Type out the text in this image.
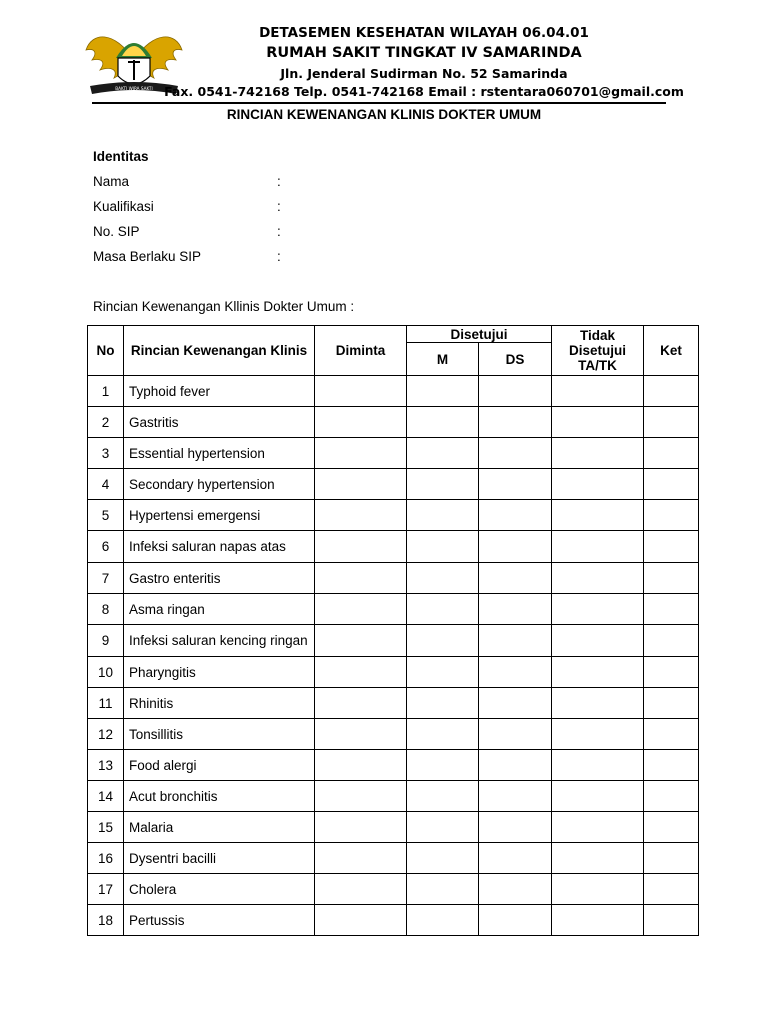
BAKTI WIRA SAKTI
DETASEMEN KESEHATAN WILAYAH 06.04.01
RUMAH SAKIT TINGKAT IV SAMARINDA
Jln. Jenderal Sudirman No. 52 Samarinda
Fax. 0541-742168 Telp. 0541-742168 Email : rstentara060701@gmail.com
RINCIAN KEWENANGAN KLINIS DOKTER UMUM
Identitas
Nama	:
Kualifikasi	:
No. SIP	:
Masa Berlaku SIP	:
Rincian Kewenangan Kllinis Dokter Umum :
No	Rincian Kewenangan Klinis	Diminta	Disetujui		Tidak Disetujui TA/TK	Ket
			M	DS		
1	Typhoid fever					
2	Gastritis					
3	Essential hypertension					
4	Secondary hypertension					
5	Hypertensi emergensi					
6	Infeksi saluran napas atas					
7	Gastro enteritis					
8	Asma ringan					
9	Infeksi saluran kencing ringan					
10	Pharyngitis					
11	Rhinitis					
12	Tonsillitis					
13	Food alergi					
14	Acut bronchitis					
15	Malaria					
16	Dysentri bacilli					
17	Cholera					
18	Pertussis					
